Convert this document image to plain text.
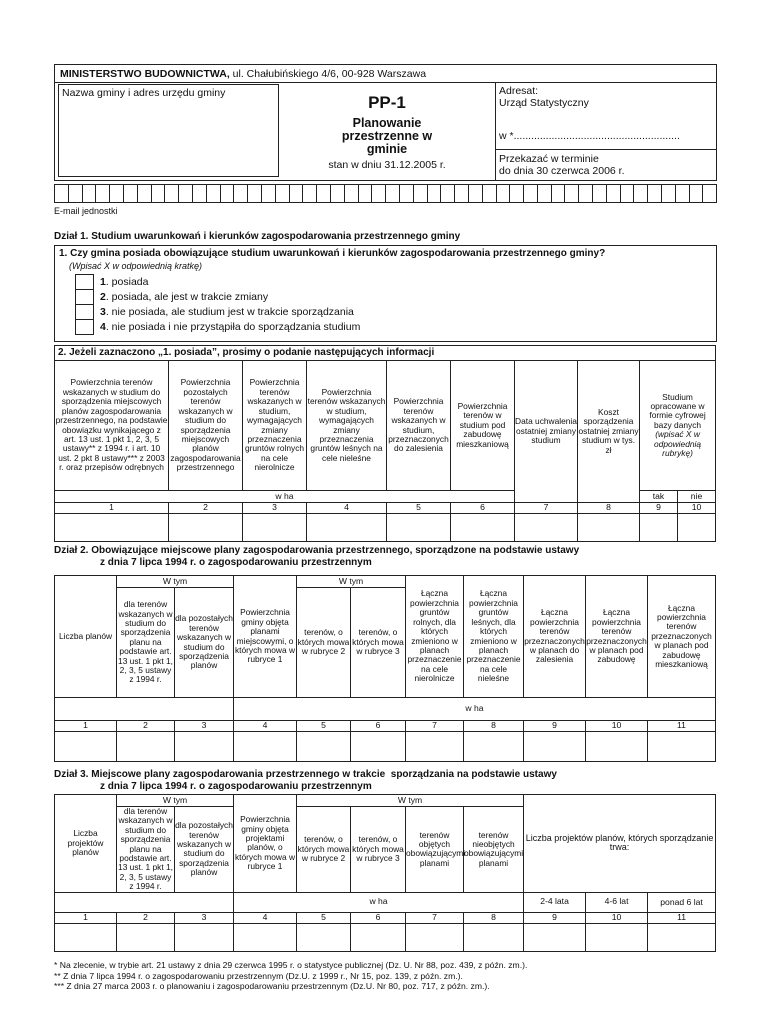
MINISTERSTWO BUDOWNICTWA, ul. Chałubińskiego 4/6, 00-928 Warszawa
Nazwa gminy i adres urzędu gminy	PP-1
Planowanie przestrzenne w gminie
stan w dniu 31.12.2005 r.
Adresat:
Urząd Statystyczny
w *.........................................................
Przekazać w terminie
do dnia 30 czerwca 2006 r.
E-mail jednostki
Dział 1. Studium uwarunkowań i kierunków zagospodarowania przestrzennego gminy
1. Czy gmina posiada obowiązujące studium uwarunkowań i kierunków zagospodarowania przestrzennego gminy?
(Wpisać X w odpowiednią kratkę)
1. posiada
2. posiada, ale jest w trakcie zmiany
3. nie posiada, ale studium jest w trakcie sporządzania
4. nie posiada i nie przystąpiła do sporządzania studium
2. Jeżeli zaznaczono „1. posiada”, prosimy o podanie następujących informacji									
Powierzchnia terenów wskazanych w studium do sporządzenia miejscowych planów zagospodarowania przestrzennego, na podstawie obowiązku wynikającego z art. 13 ust. 1 pkt 1, 2, 3, 5 ustawy** z 1994 r. i art. 10 ust. 2 pkt 8 ustawy*** z 2003 r. oraz przepisów odrębnych	Powierzchnia pozostałych terenów wskazanych w studium do sporządzenia miejscowych planów zagospodarowania przestrzennego	Powierzchnia terenów wskazanych w studium, wymagających zmiany przeznaczenia gruntów rolnych na cele nierolnicze	Powierzchnia terenów wskazanych w studium, wymagających zmiany przeznaczenia gruntów leśnych na cele nieleśne	Powierzchnia terenów wskazanych w studium, przeznaczonych do zalesienia	Powierzchnia terenów w studium pod zabudowę mieszkaniową	Data uchwalenia ostatniej zmiany studium	Koszt sporządzenia ostatniej zmiany studium w tys. zł	Studium opracowane w formie cyfrowej bazy danych
(wpisać X w odpowiednią rubrykę)	

w ha								tak	nie
1	2	3	4	5	6	7	8	9	10

Dział 2. Obowiązujące miejscowe plany zagospodarowania przestrzennego, sporządzone na podstawie ustawy
z dnia 7 lipca 1994 r. o zagospodarowaniu przestrzennym
Liczba planów	W tym		Powierzchnia gminy objęta planami miejscowymi, o których mowa w rubryce 1	W tym		Łączna powierzchnia gruntów rolnych, dla których zmieniono w planach przeznaczenie na cele nierolnicze	Łączna powierzchnia gruntów leśnych, dla których zmieniono w planach przeznaczenie na cele nieleśne	Łączna powierzchnia terenów przeznaczonych w planach do zalesienia	Łączna powierzchnia terenów przeznaczonych w planach pod zabudowę	Łączna powierzchnia terenów przeznaczonych w planach pod zabudowę mieszkaniową
	dla terenów wskazanych w studium do sporządzenia planu na podstawie art. 13 ust. 1 pkt 1, 2, 3, 5 ustawy z 1994 r.	dla pozostałych terenów wskazanych w studium do sporządzenia planów		terenów, o których mowa w rubryce 2	terenów, o których mowa w rubryce 3					
			w ha							
1	2	3	4	5	6	7	8	9	10	11

Dział 3. Miejscowe plany zagospodarowania przestrzennego w trakcie  sporządzania na podstawie ustawy
z dnia 7 lipca 1994 r. o zagospodarowaniu przestrzennym
Liczba projektów planów	W tym		Powierzchnia gminy objęta projektami planów, o których mowa w rubryce 1	W tym				Liczba projektów planów, których sporządzanie trwa:		
	dla terenów wskazanych w studium do sporządzenia planu na podstawie art. 13 ust. 1 pkt 1, 2, 3, 5 ustawy z 1994 r.	dla pozostałych terenów wskazanych w studium do sporządzenia planów		terenów, o których mowa w rubryce 2	terenów, o których mowa w rubryce 3	terenów objętych obowiązującymi planami	terenów nieobjętych obowiązującymi planami			
			w ha					2-4 lata	4-6 lat	ponad 6 lat
1	2	3	4	5	6	7	8	9	10	11

* Na zlecenie, w trybie art. 21 ustawy z dnia 29 czerwca 1995 r. o statystyce publicznej (Dz. U. Nr 88, poz. 439, z późn. zm.).
** Z dnia 7 lipca 1994 r. o zagospodarowaniu przestrzennym (Dz.U. z 1999 r., Nr 15, poz. 139, z późn. zm.).
*** Z dnia 27 marca 2003 r. o planowaniu i zagospodarowaniu przestrzennym (Dz.U. Nr 80, poz. 717, z późn. zm.).
